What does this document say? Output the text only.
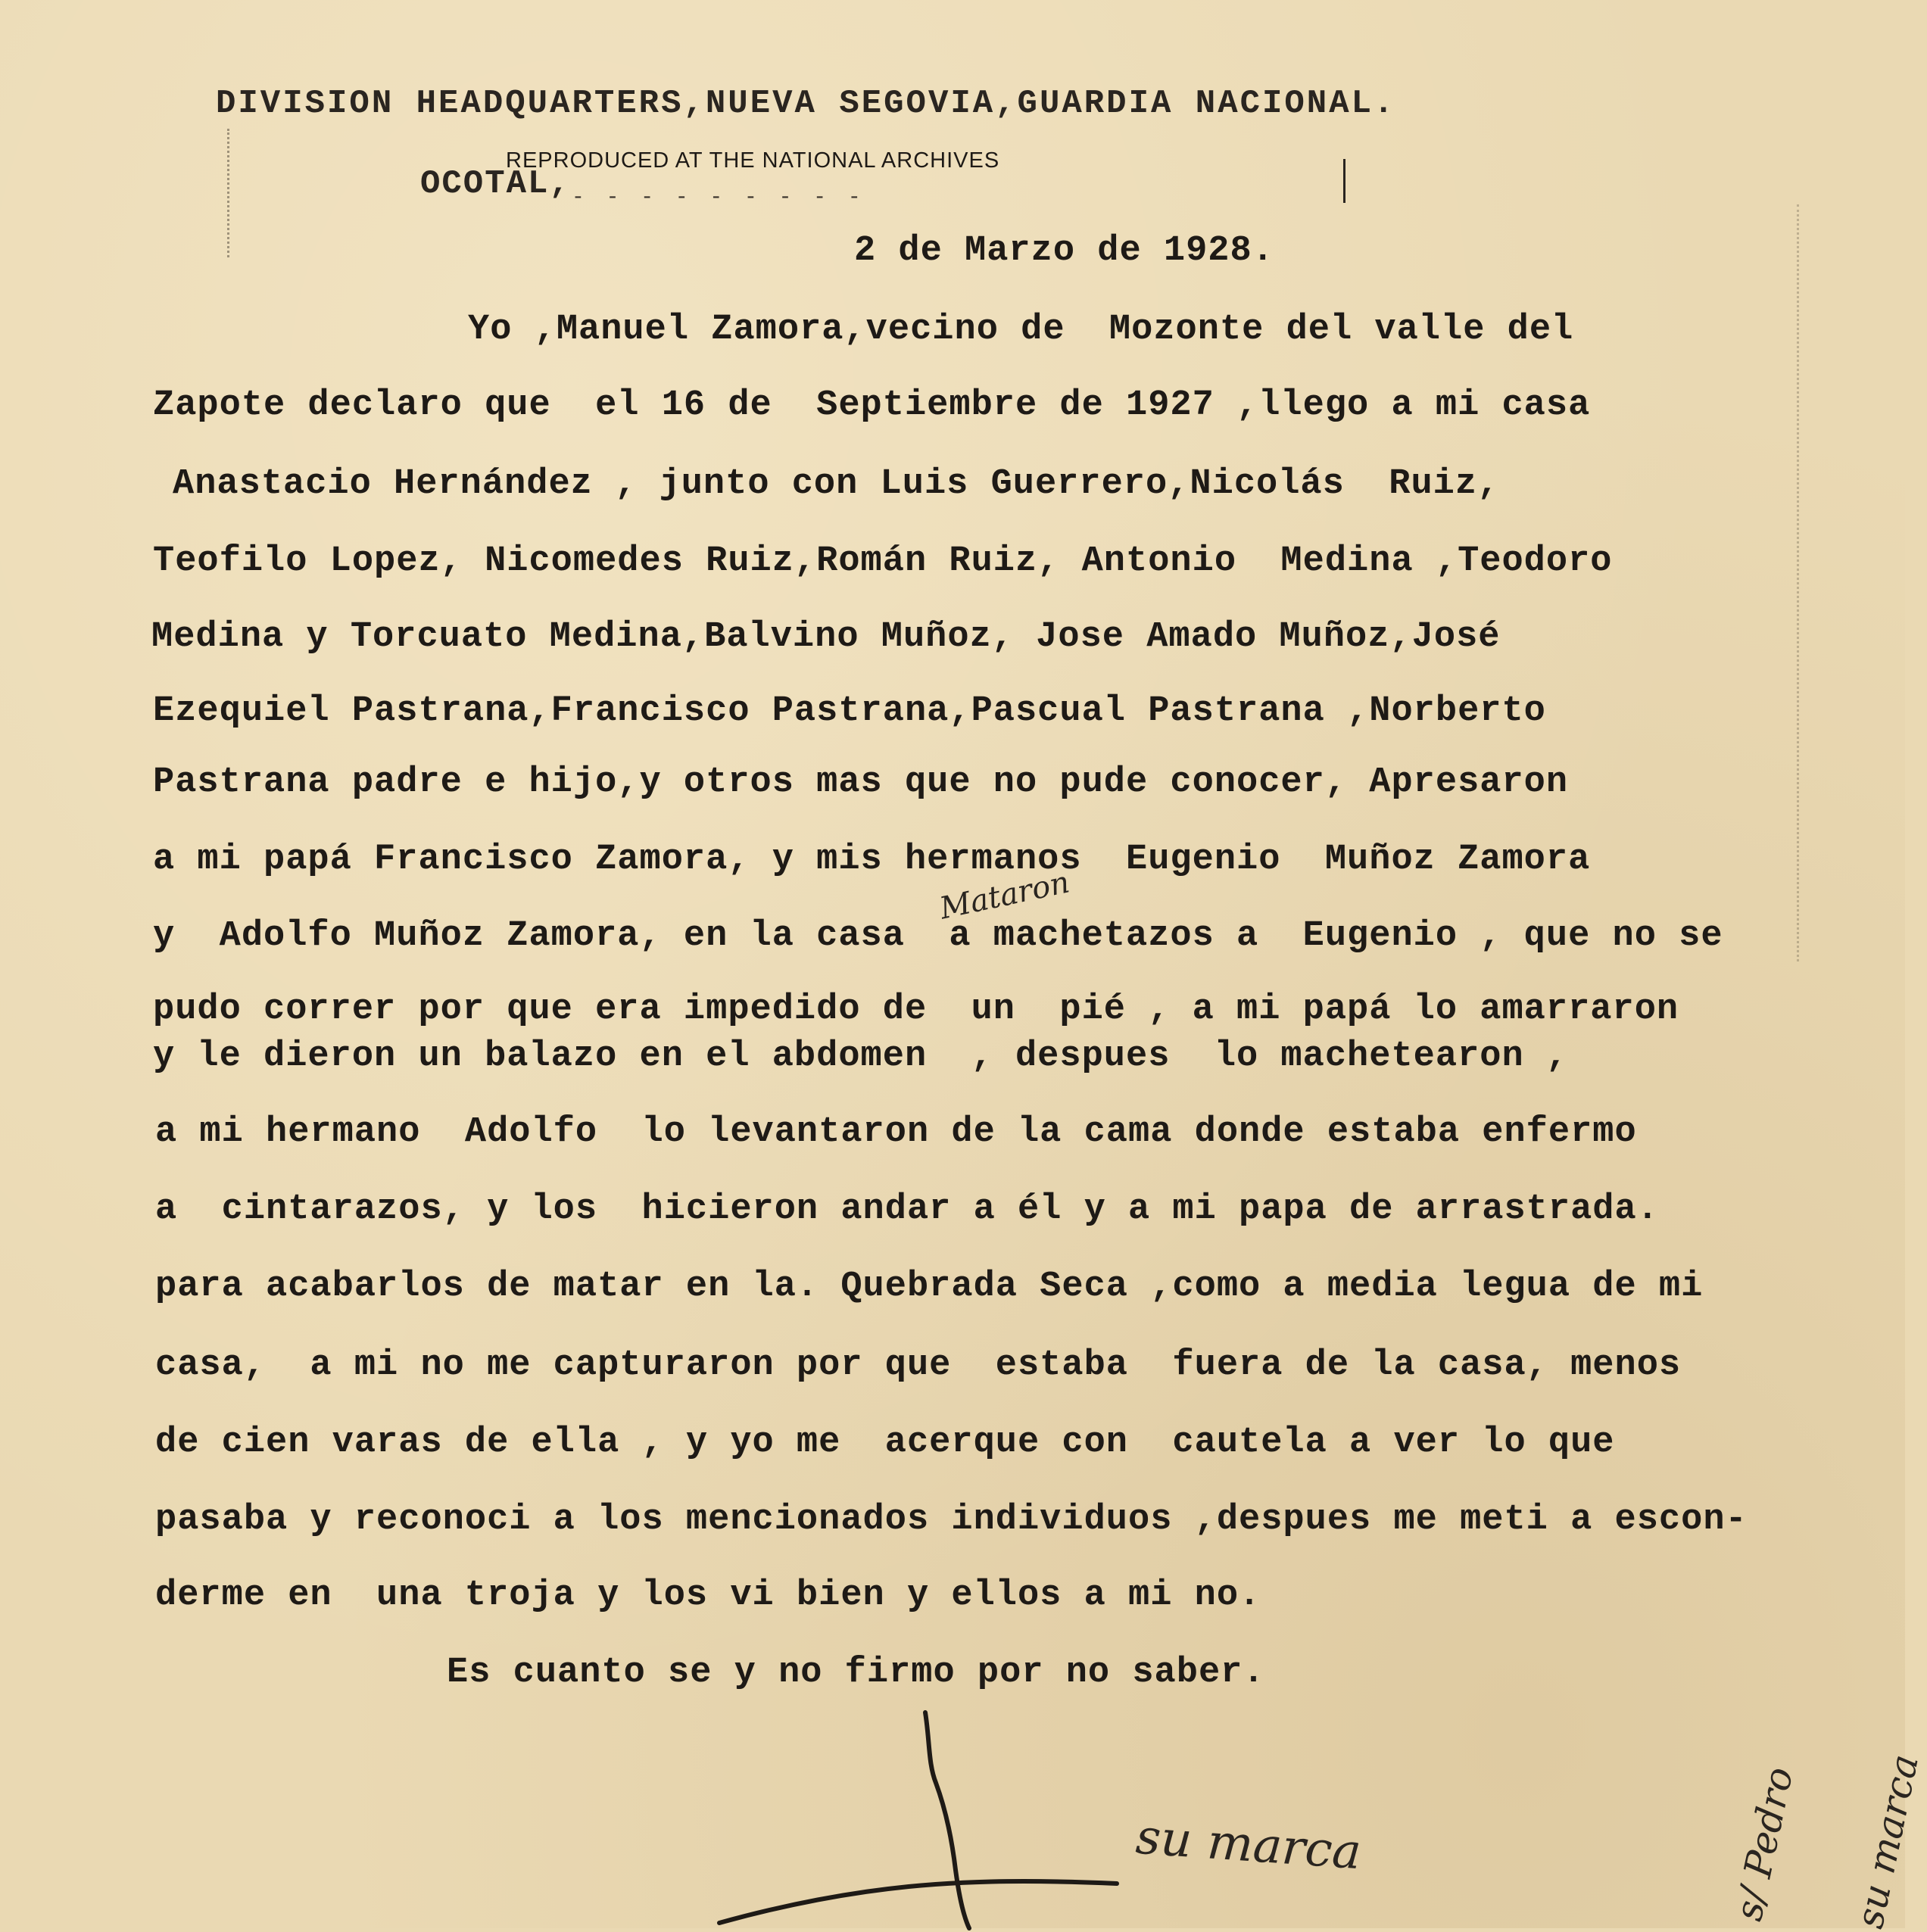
DIVISION HEADQUARTERS,NUEVA SEGOVIA,GUARDIA NACIONAL.
OCOTAL,
REPRODUCED AT THE NATIONAL ARCHIVES
- - - - - - - - -
2 de Marzo de 1928.
Yo ,Manuel Zamora,vecino de  Mozonte del valle del
Zapote declaro que  el 16 de  Septiembre de 1927 ,llego a mi casa
Anastacio Hernández , junto con Luis Guerrero,Nicolás  Ruiz,
Teofilo Lopez, Nicomedes Ruiz,Román Ruiz, Antonio  Medina ,Teodoro
Medina y Torcuato Medina,Balvino Muñoz, Jose Amado Muñoz,José
Ezequiel Pastrana,Francisco Pastrana,Pascual Pastrana ,Norberto
Pastrana padre e hijo,y otros mas que no pude conocer, Apresaron
a mi papá Francisco Zamora, y mis hermanos  Eugenio  Muñoz Zamora
Mataron
y  Adolfo Muñoz Zamora, en la casa  a machetazos a  Eugenio , que no se
pudo correr por que era impedido de  un  pié , a mi papá lo amarraron
y le dieron un balazo en el abdomen  , despues  lo machetearon ,
a mi hermano  Adolfo  lo levantaron de la cama donde estaba enfermo
a  cintarazos, y los  hicieron andar a él y a mi papa de arrastrada.
para acabarlos de matar en la. Quebrada Seca ,como a media legua de mi
casa,  a mi no me capturaron por que  estaba  fuera de la casa, menos
de cien varas de ella , y yo me  acerque con  cautela a ver lo que
pasaba y reconoci a los mencionados individuos ,despues me meti a escon-
derme en  una troja y los vi bien y ellos a mi no.
Es cuanto se y no firmo por no saber.
su marca	s/ Pedro su marca
